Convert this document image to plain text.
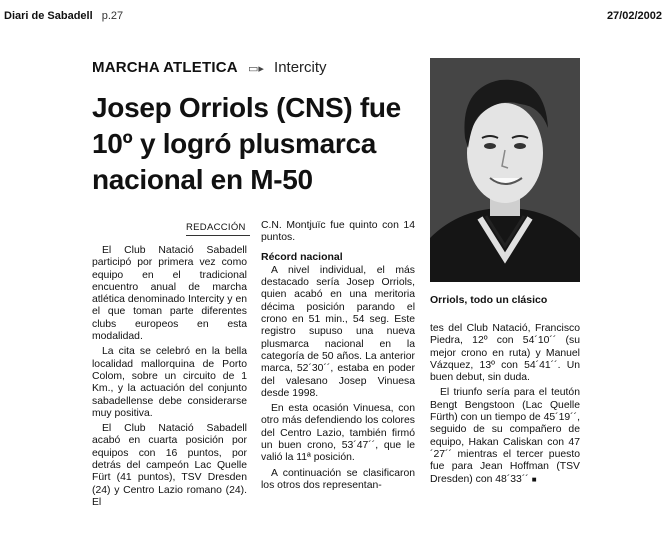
Diari de Sabadell p.27	27/02/2002
MARCHA ATLETICA ▭▸ Intercity
Josep Orriols (CNS) fue 10º y logró plusmarca nacional en M-50
Orriols, todo un clásico
REDACCIÓN

El Club Natació Sabadell participó por primera vez como equipo en el tradicional encuentro anual de marcha atlética denominado Intercity y en el que toman parte diferentes clubs europeos en esta modalidad.

La cita se celebró en la bella localidad mallorquina de Porto Colom, sobre un circuito de 1 Km., y la actuación del conjunto sabadellense debe considerarse muy positiva.

El Club Natació Sabadell acabó en cuarta posición por equipos con 16 puntos, por detrás del campeón Lac Quelle Fürt (41 puntos), TSV Dresden (24) y Centro Lazio romano (24). El

C.N. Montjuïc fue quinto con 14 puntos.

Récord nacional

A nivel individual, el más destacado sería Josep Orriols, quien acabó en una meritoria décima posición parando el crono en 51 min., 54 seg. Este registro supuso una nueva plusmarca nacional en la categoría de 50 años. La anterior marca, 52´30´´, estaba en poder del valesano Josep Vinuesa desde 1998.

En esta ocasión Vinuesa, con otro más defendiendo los colores del Centro Lazio, también firmó un buen crono, 53´47´´, que le valió la 11ª posición.

A continuación se clasificaron los otros dos representan-

tes del Club Natació, Francisco Piedra, 12º con 54´10´´ (su mejor crono en ruta) y Manuel Vázquez, 13º con 54´41´´. Un buen debut, sin duda.

El triunfo sería para el teutón Bengt Bengstoon (Lac Quelle Fürth) con un tiempo de 45´19´´, seguido de su compañero de equipo, Hakan Caliskan con 47´27´´ mientras el tercer puesto fue para Jean Hoffman (TSV Dresden) con 48´33´´ ■
